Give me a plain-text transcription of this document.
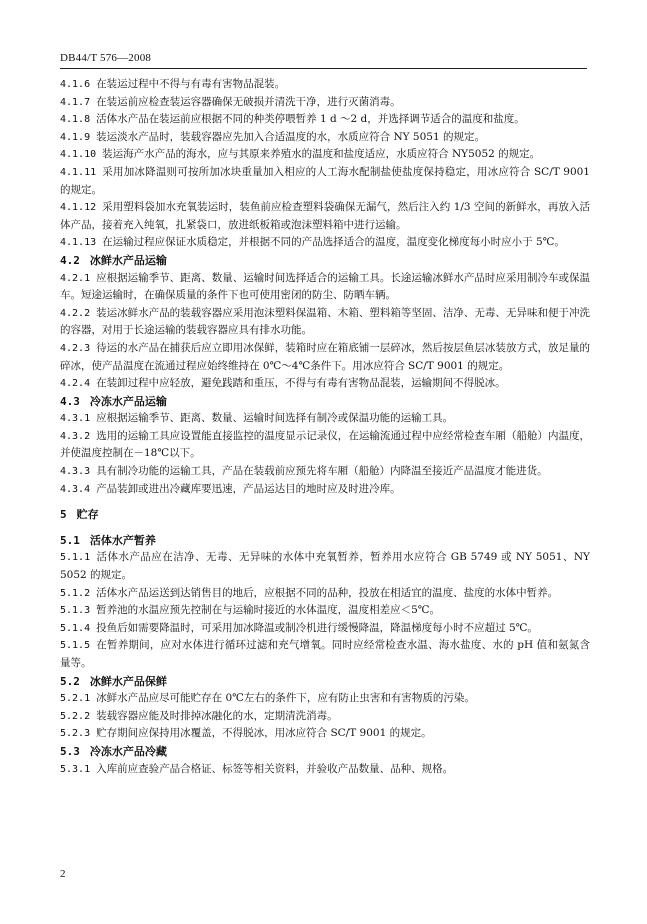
DB44/T 576—2008
4.1.6 在装运过程中不得与有毒有害物品混装。
4.1.7 在装运前应检查装运容器确保无破损并清洗干净，进行灭菌消毒。
4.1.8 活体水产品在装运前应根据不同的种类停喂暂养 1 d ～2 d，并选择调节适合的温度和盐度。
4.1.9 装运淡水产品时，装载容器应先加入合适温度的水，水质应符合 NY 5051 的规定。
4.1.10 装运海产水产品的海水，应与其原来养殖水的温度和盐度适应，水质应符合 NY5052 的规定。
4.1.11 采用加冰降温则可按所加冰块重量加入相应的人工海水配制盐使盐度保持稳定，用冰应符合 SC/T 9001 的规定。
4.1.12 采用塑料袋加水充氧装运时，装鱼前应检查塑料袋确保无漏气，然后注入约 1/3 空间的新鲜水，再放入活体产品，接着充入纯氧，扎紧袋口，放进纸板箱或泡沫塑料箱中进行运输。
4.1.13 在运输过程应保证水质稳定，并根据不同的产品选择适合的温度，温度变化梯度每小时应小于 5℃。
4.2 冰鲜水产品运输
4.2.1 应根据运输季节、距离、数量、运输时间选择适合的运输工具。长途运输冰鲜水产品时应采用制冷车或保温车。短途运输时，在确保质量的条件下也可使用密闭的防尘、防晒车辆。
4.2.2 装运冰鲜水产品的装载容器应采用泡沫塑料保温箱、木箱、塑料箱等坚固、洁净、无毒、无异味和便于冲洗的容器，对用于长途运输的装载容器应具有排水功能。
4.2.3 待运的水产品在捕获后应立即用冰保鲜，装箱时应在箱底铺一层碎冰，然后按层鱼层冰装放方式，放足量的碎冰，使产品温度在流通过程应始终维持在 0℃～4℃条件下。用冰应符合 SC/T 9001 的规定。
4.2.4 在装卸过程中应轻放，避免践踏和重压，不得与有毒有害物品混装，运输期间不得脱冰。
4.3 冷冻水产品运输
4.3.1 应根据运输季节、距离、数量、运输时间选择有制冷或保温功能的运输工具。
4.3.2 选用的运输工具应设置能直接监控的温度显示记录仪，在运输流通过程中应经常检查车厢（船舱）内温度，并使温度控制在－18℃以下。
4.3.3 具有制冷功能的运输工具，产品在装载前应预先将车厢（船舱）内降温至接近产品温度才能进货。
4.3.4 产品装卸或进出冷藏库要迅速，产品运达目的地时应及时进冷库。
5 贮存
5.1 活体水产暂养
5.1.1 活体水产品应在洁净、无毒、无异味的水体中充氧暂养，暂养用水应符合 GB 5749 或 NY 5051、NY 5052 的规定。
5.1.2 活体水产品运送到达销售目的地后，应根据不同的品种，投放在相适宜的温度、盐度的水体中暂养。
5.1.3 暂养池的水温应预先控制在与运输时接近的水体温度，温度相差应＜5℃。
5.1.4 投鱼后如需要降温时，可采用加冰降温或制冷机进行缓慢降温，降温梯度每小时不应超过 5℃。
5.1.5 在暂养期间，应对水体进行循环过滤和充气增氧。同时应经常检查水温、海水盐度、水的 pH 值和氨氮含量等。
5.2 冰鲜水产品保鲜
5.2.1 冰鲜水产品应尽可能贮存在 0℃左右的条件下，应有防止虫害和有害物质的污染。
5.2.2 装载容器应能及时排掉冰融化的水，定期清洗消毒。
5.2.3 贮存期间应保持用冰覆盖，不得脱冰，用冰应符合 SC/T 9001 的规定。
5.3 冷冻水产品冷藏
5.3.1 入库前应查验产品合格证、标签等相关资料，并验收产品数量、品种、规格。
2
